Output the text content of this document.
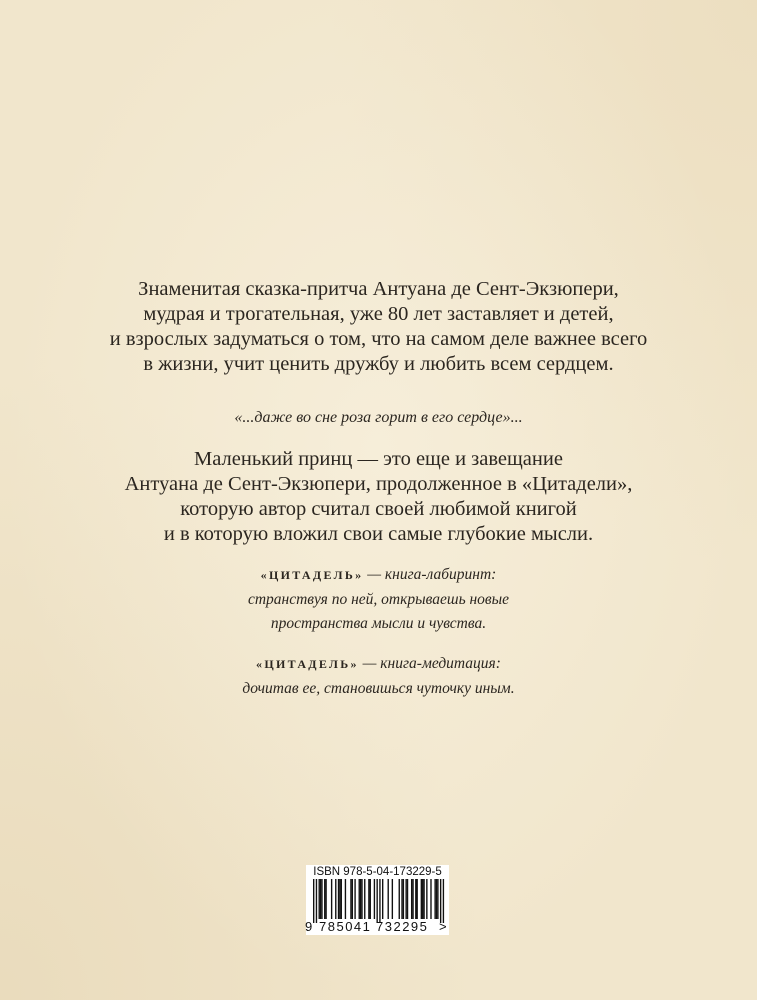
Знаменитая сказка-притча Антуана де Сент-Экзюпери,
мудрая и трогательная, уже 80 лет заставляет и детей,
и взрослых задуматься о том, что на самом деле важнее всего
в жизни, учит ценить дружбу и любить всем сердцем.
«...даже во сне роза горит в его сердце»...
Маленький принц — это еще и завещание
Антуана де Сент-Экзюпери, продолженное в «Цитадели»,
которую автор считал своей любимой книгой
и в которую вложил свои самые глубокие мысли.
«ЦИТАДЕЛЬ» — книга-лабиринт:
странствуя по ней, открываешь новые
пространства мысли и чувства.
«ЦИТАДЕЛЬ» — книга-медитация:
дочитав ее, становишься чуточку иным.
ISBN 978-5-04-173229-5
9 785041 732295 >
